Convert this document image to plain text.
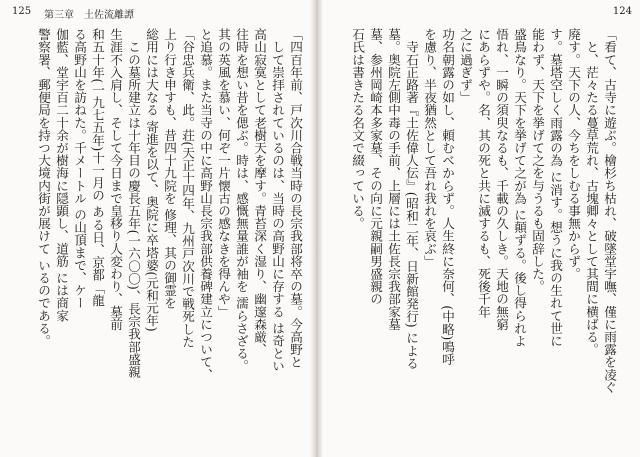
125 第三章　土佐流離譚
「四百年前、戸次川合戦当時の長宗我部将卒の墓。今高野と
　して崇拝されているのは、当時の高野山に存する は奇とい
高山寂寞として老樹天を摩す。青苔深く湿り、幽邃森厳、
往時を想い昔を偲ぶ。時は、感慨無量誰が袖を 濡らさざる。
其の英風を慕い、何ぞ一片懐古の感なきを得んや」
と追慕。また当寺の中に高野山長宗我部供養碑建立について、
「谷忠兵衛、此。荘(天正十四年、九州戸次川で戦死した
上り行き申すも、昔四十九院を 修理、其の御霊を
総用には大なる 寄進を以て、奥院に卒塔婆(元和元年)
　この墓所建立は十年目の慶長五年(一六〇〇)、長宗我部盛親
生涯不入肩し、そして今日まで皇移り人変わり、墓前
和五十年(一九七五年)十一月の ある日、京都「龍
る高野山を訪ねた。千メートル の山頂まで、ケー
伽藍、堂宇百二十余が樹海に隠顕し、道筋 には商家
警察署、郵便局を持つ大境内街が展けて いるのである。
124
「看て、古寺に遊ぶ。檜杉ち枯れ、破墜堂宇嘸、僅に雨露を凌ぐ
　と、茫々たる蔓草荒れ、古塊卿々として其間に横ばる。
廃す。天下の人、今ちをしむる事無からず。
す。墓塔空しく雨露の為 に消す。想うに我の生れて世に
能わず、天下を挙げて之を与うるも固辞した。
盛鳥なり。天下を挙げて之が為 に顛ずる。後し得られよ
悟れ、一瞬の須臾なるも、千載の久しき。天地の無窮
にあらずや。名、其の死と共に滅するも、死後千年
之に過ぎず」
功名朝露の如し、頼むべからず。人生終に奈何、(中略)鳴呼
を慮り、半夜猶然として吾れ我れを哀ぶ」
　寺石正路著『土佐偉人伝』(昭和二年、日新館発行) による
墓。奥院左側中毒の手前、上層には土佐長宗我部家墓
墓、参州岡崎本多家墓、その向に元親嗣男盛親の
石氏は書きたる名文で綴っている。
